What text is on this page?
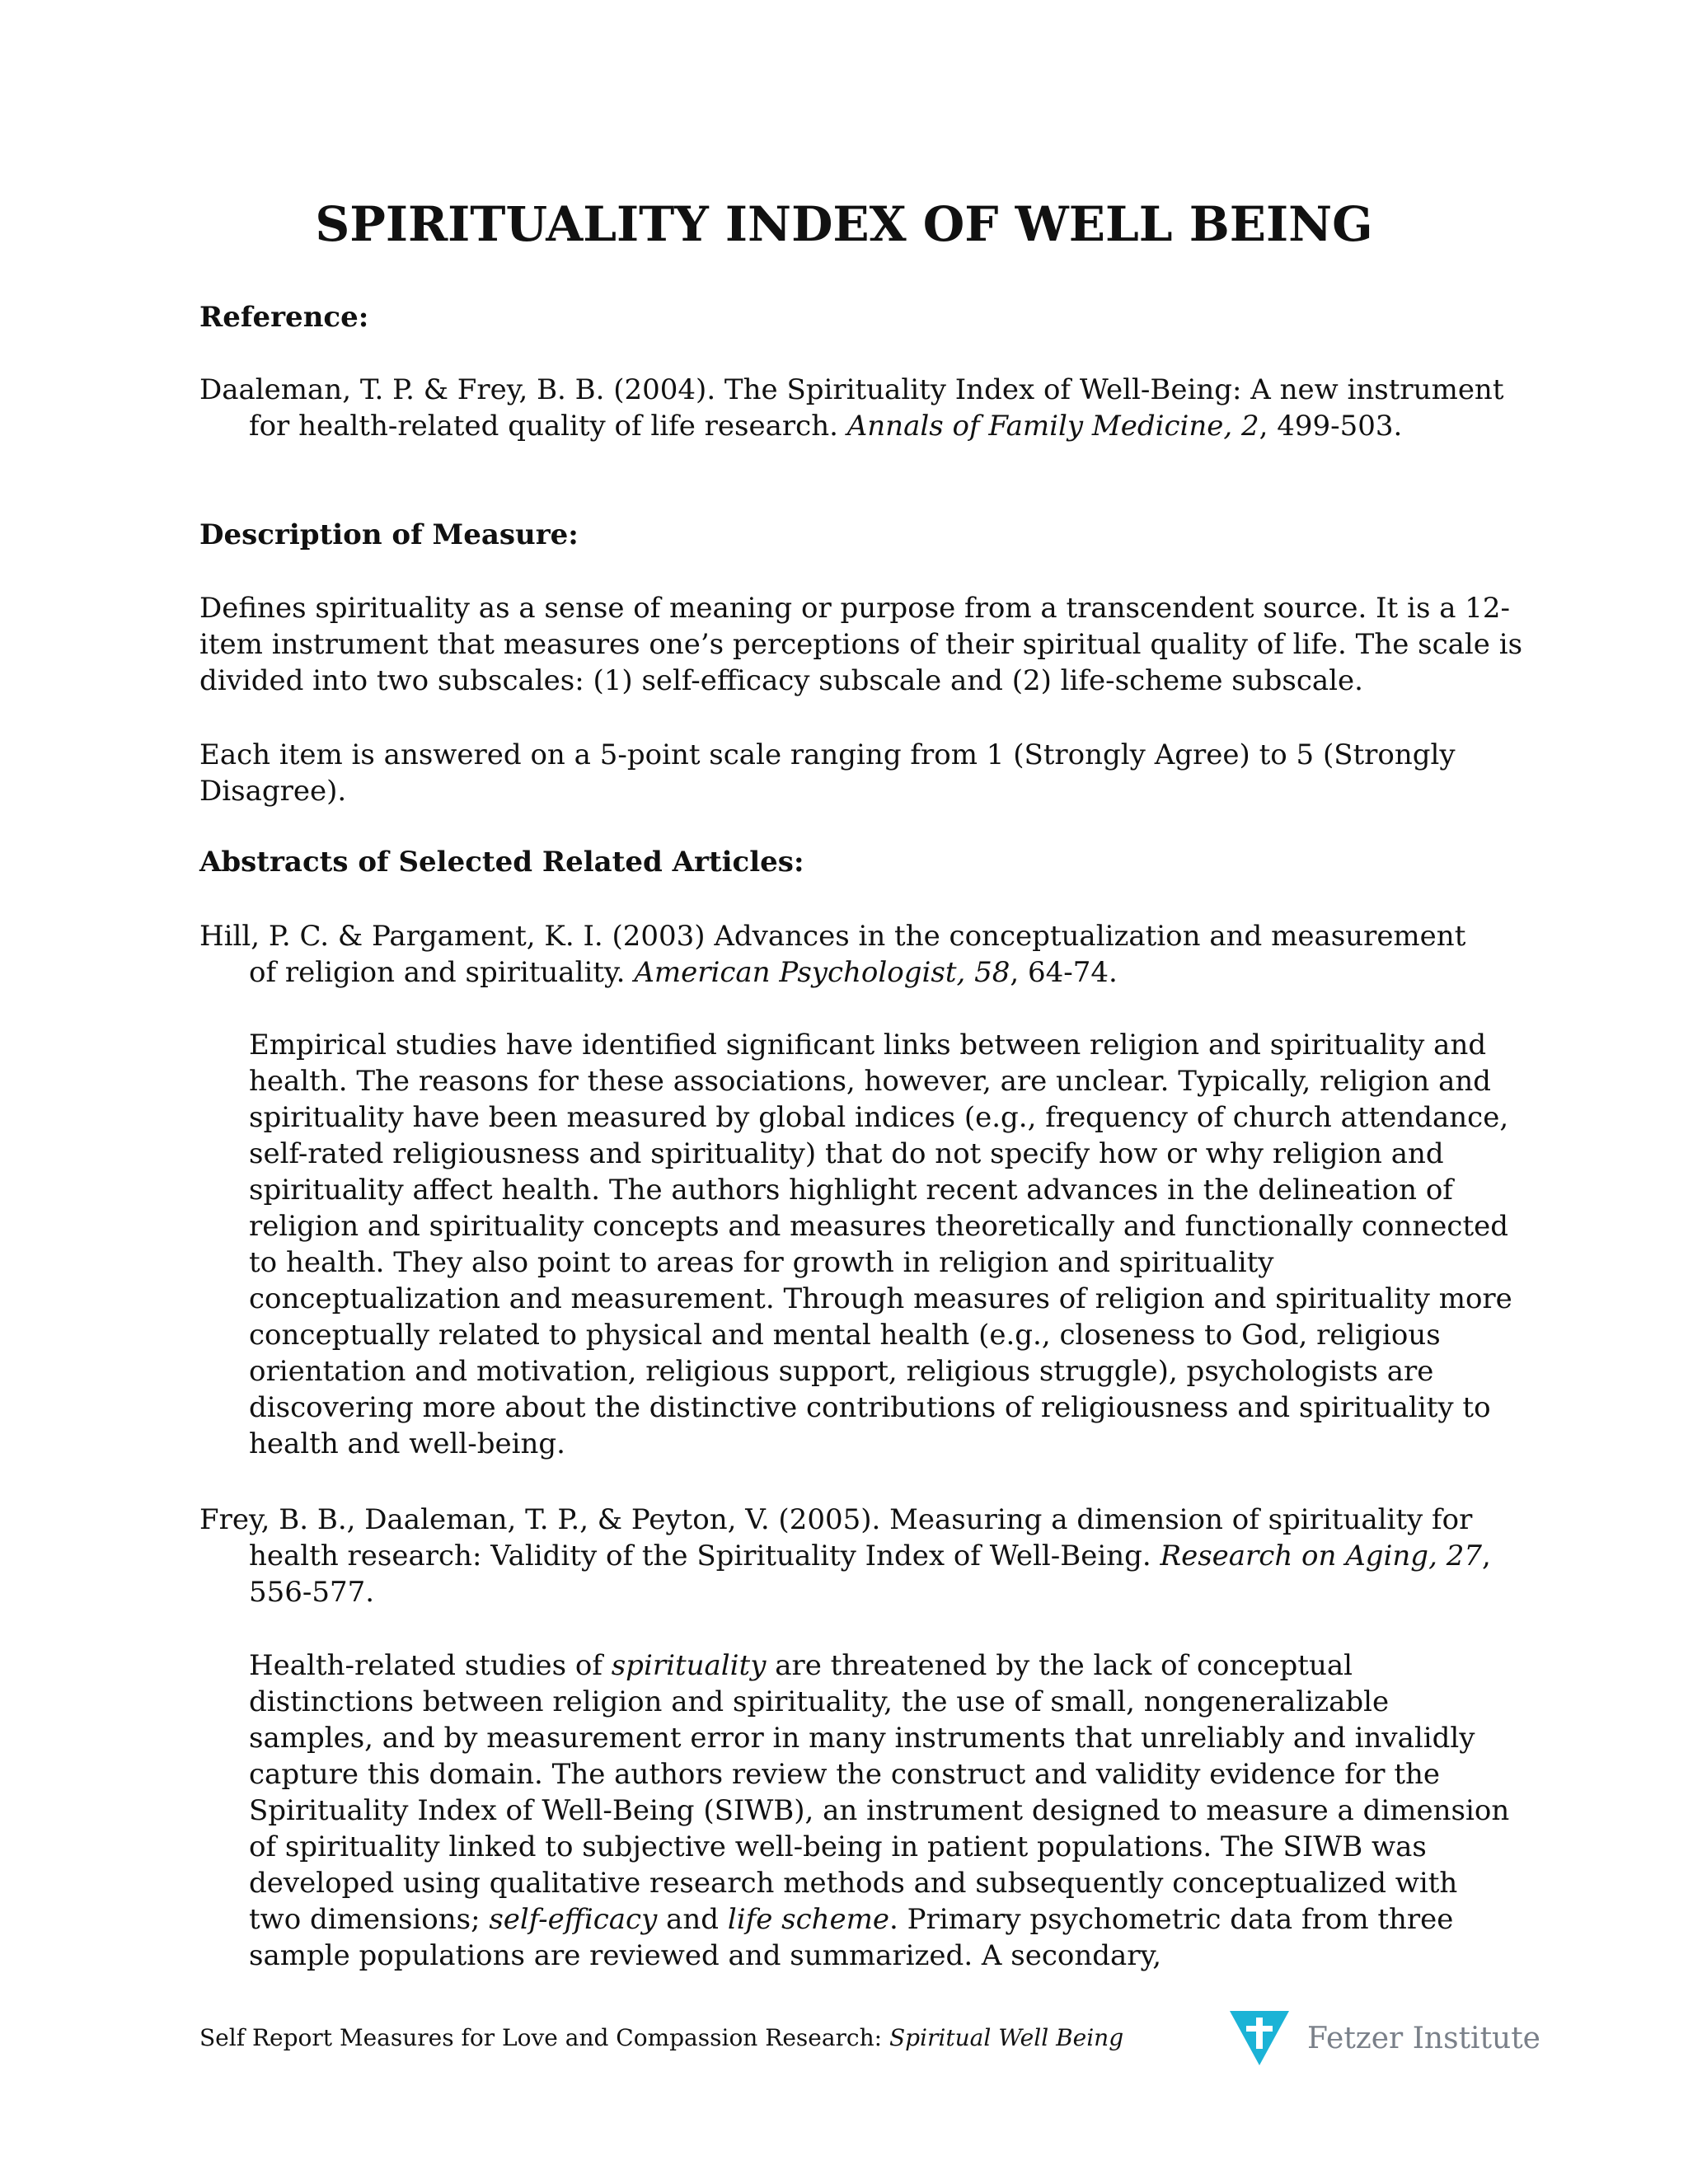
SPIRITUALITY INDEX OF WELL BEING
Reference:
Daaleman, T. P. & Frey, B. B. (2004). The Spirituality Index of Well-Being: A new instrument for health-related quality of life research. Annals of Family Medicine, 2, 499-503.
Description of Measure:
Defines spirituality as a sense of meaning or purpose from a transcendent source. It is a 12-item instrument that measures one’s perceptions of their spiritual quality of life. The scale is divided into two subscales: (1) self-efficacy subscale and (2) life-scheme subscale.
Each item is answered on a 5-point scale ranging from 1 (Strongly Agree) to 5 (Strongly Disagree).
Abstracts of Selected Related Articles:
Hill, P. C. & Pargament, K. I. (2003) Advances in the conceptualization and measurement of religion and spirituality. American Psychologist, 58, 64-74.
Empirical studies have identified significant links between religion and spirituality and health. The reasons for these associations, however, are unclear. Typically, religion and spirituality have been measured by global indices (e.g., frequency of church attendance, self-rated religiousness and spirituality) that do not specify how or why religion and spirituality affect health. The authors highlight recent advances in the delineation of religion and spirituality concepts and measures theoretically and functionally connected to health. They also point to areas for growth in religion and spirituality conceptualization and measurement. Through measures of religion and spirituality more conceptually related to physical and mental health (e.g., closeness to God, religious orientation and motivation, religious support, religious struggle), psychologists are discovering more about the distinctive contributions of religiousness and spirituality to health and well-being.
Frey, B. B., Daaleman, T. P., & Peyton, V. (2005). Measuring a dimension of spirituality for health research: Validity of the Spirituality Index of Well-Being. Research on Aging, 27, 556-577.
Health-related studies of spirituality are threatened by the lack of conceptual distinctions between religion and spirituality, the use of small, nongeneralizable samples, and by measurement error in many instruments that unreliably and invalidly capture this domain. The authors review the construct and validity evidence for the Spirituality Index of Well-Being (SIWB), an instrument designed to measure a dimension of spirituality linked to subjective well-being in patient populations. The SIWB was developed using qualitative research methods and subsequently conceptualized with two dimensions; self-efficacy and life scheme. Primary psychometric data from three sample populations are reviewed and summarized. A secondary,
Self Report Measures for Love and Compassion Research: Spiritual Well Being	Fetzer Institute
